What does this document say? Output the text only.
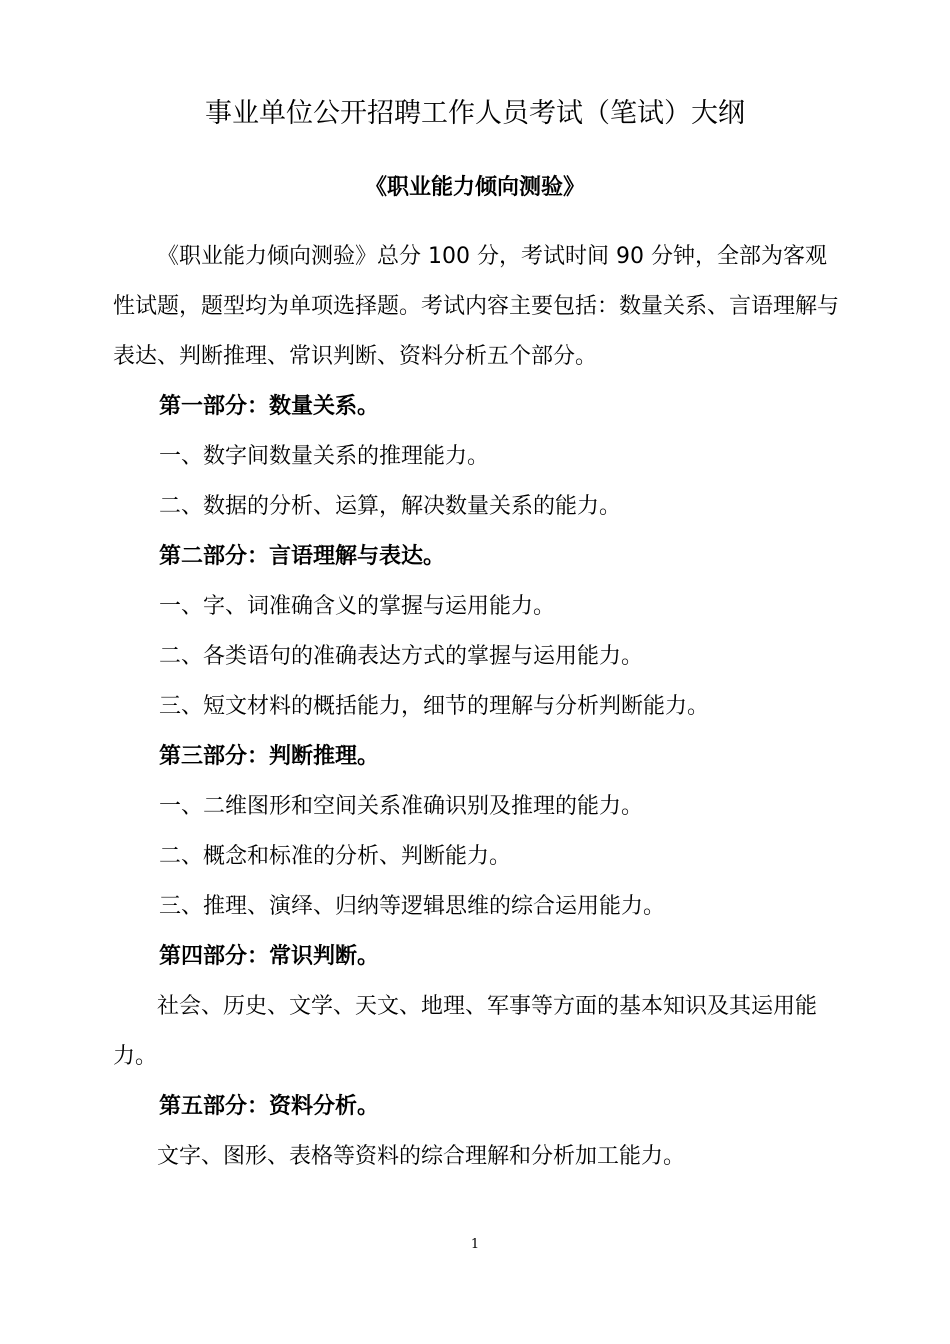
事业单位公开招聘工作人员考试（笔试）大纲
《职业能力倾向测验》

《职业能力倾向测验》总分 100 分，考试时间 90 分钟，全部为客观性试题，题型均为单项选择题。考试内容主要包括：数量关系、言语理解与表达、判断推理、常识判断、资料分析五个部分。

第一部分：数量关系。

一、数字间数量关系的推理能力。

二、数据的分析、运算，解决数量关系的能力。

第二部分：言语理解与表达。

一、字、词准确含义的掌握与运用能力。

二、各类语句的准确表达方式的掌握与运用能力。

三、短文材料的概括能力，细节的理解与分析判断能力。

第三部分：判断推理。

一、二维图形和空间关系准确识别及推理的能力。

二、概念和标准的分析、判断能力。

三、推理、演绎、归纳等逻辑思维的综合运用能力。

第四部分：常识判断。

社会、历史、文学、天文、地理、军事等方面的基本知识及其运用能力。

第五部分：资料分析。

文字、图形、表格等资料的综合理解和分析加工能力。

1
